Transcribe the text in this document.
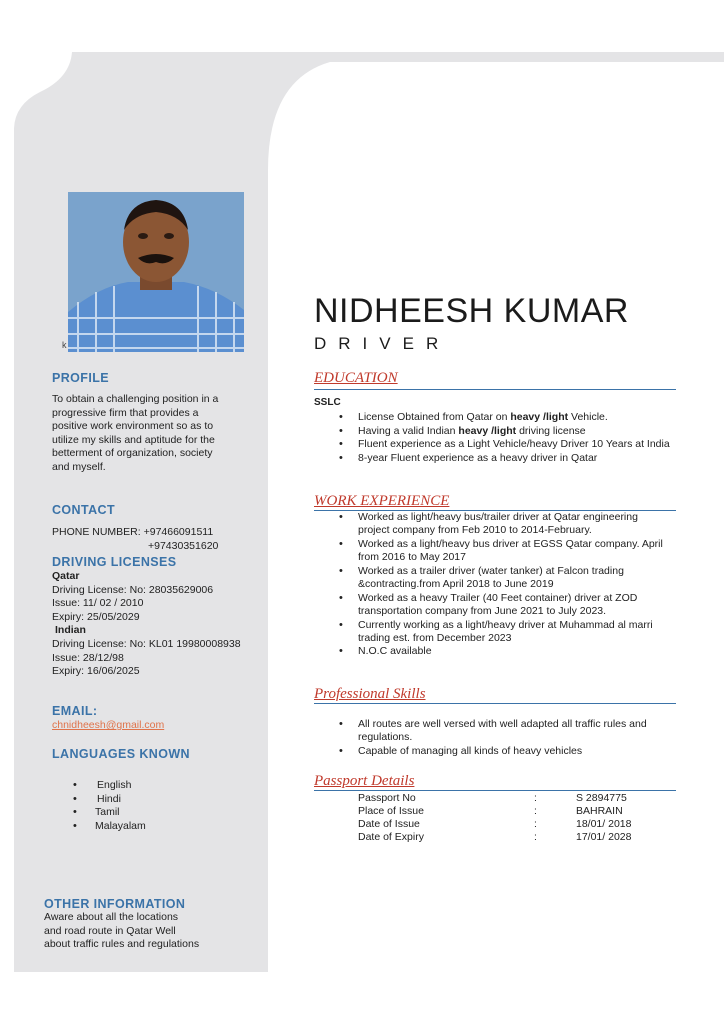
k
PROFILE
To obtain a challenging position in a
progressive firm that provides a
positive work environment so as to
utilize my skills and aptitude for the
betterment of organization, society
and myself.
CONTACT
PHONE NUMBER: +97466091511
+97430351620
DRIVING LICENSES
Qatar
Driving License: No: 28035629006
Issue: 11/ 02 / 2010
Expiry: 25/05/2029
Indian
Driving License: No: KL01 19980008938
Issue: 28/12/98
Expiry: 16/06/2025
EMAIL:
chnidheesh@gmail.com
LANGUAGES KNOWN
• English
• Hindi
• Tamil
• Malayalam
OTHER INFORMATION
Aware about all the locations
and road route in Qatar Well
about traffic rules and regulations
NIDHEESH KUMAR
DRIVER
EDUCATION
SSLC
• License Obtained from Qatar on heavy /light Vehicle.
• Having a valid Indian heavy /light driving license
• Fluent experience as a Light Vehicle/heavy Driver 10 Years at India
• 8-year Fluent experience as a heavy driver in Qatar
WORK EXPERIENCE
• Worked as light/heavy bus/trailer driver at Qatar engineering project company from Feb 2010 to 2014-February.
• Worked as a light/heavy bus driver at EGSS Qatar company. April from 2016 to May 2017
• Worked as a trailer driver (water tanker) at Falcon trading &contracting.from April 2018 to June 2019
• Worked as a heavy Trailer (40 Feet container) driver at ZOD transportation company from June 2021 to July 2023.
• Currently working as a light/heavy driver at Muhammad al marri trading est. from December 2023
• N.O.C available
Professional Skills
• All routes are well versed with well adapted all traffic rules and regulations.
• Capable of managing all kinds of heavy vehicles
Passport Details
Passport No	:	S 2894775
Place of Issue	:	BAHRAIN
Date of Issue	:	18/01/ 2018
Date of Expiry	:	17/01/ 2028
